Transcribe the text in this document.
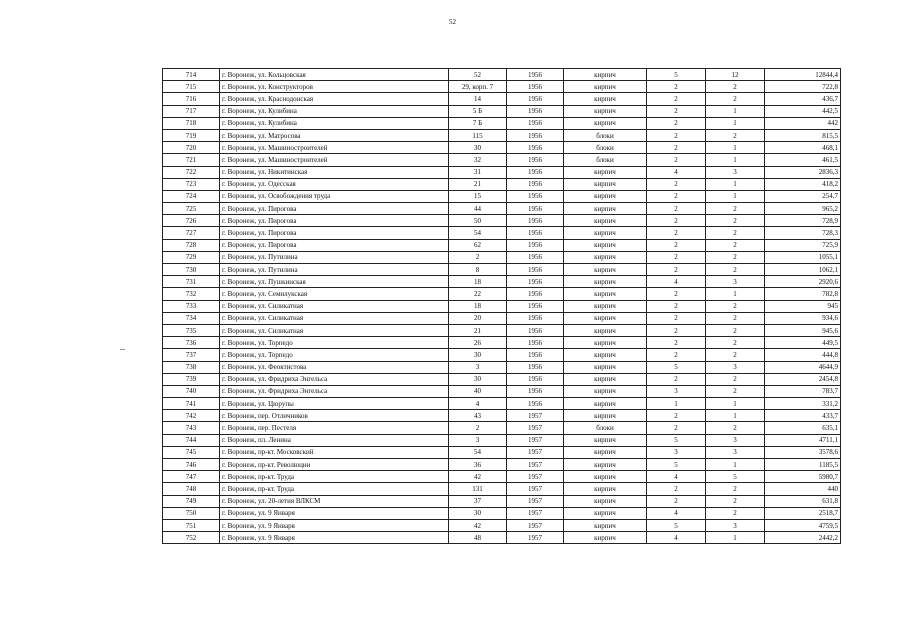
52
714	г. Воронеж, ул. Кольцовская	52	1956	кирпич	5	12	12844,4
715	г. Воронеж, ул. Конструкторов	29, корп. 7	1956	кирпич	2	2	722,8
716	г. Воронеж, ул. Краснодонская	14	1956	кирпич	2	2	436,7
717	г. Воронеж, ул. Кулибина	5 Б	1956	кирпич	2	1	442,5
718	г. Воронеж, ул. Кулибина	7 Б	1956	кирпич	2	1	442
719	г. Воронеж, ул. Матросова	115	1956	блоки	2	2	815,5
720	г. Воронеж, ул. Машиностроителей	30	1956	блоки	2	1	468,1
721	г. Воронеж, ул. Машиностроителей	32	1956	блоки	2	1	461,5
722	г. Воронеж, ул. Никитинская	31	1956	кирпич	4	3	2836,3
723	г. Воронеж, ул. Одесская	21	1956	кирпич	2	1	418,2
724	г. Воронеж, ул. Освобождения труда	15	1956	кирпич	2	1	254,7
725	г. Воронеж, ул. Пирогова	44	1956	кирпич	2	2	965,2
726	г. Воронеж, ул. Пирогова	50	1956	кирпич	2	2	728,9
727	г. Воронеж, ул. Пирогова	54	1956	кирпич	2	2	728,3
728	г. Воронеж, ул. Пирогова	62	1956	кирпич	2	2	725,9
729	г. Воронеж, ул. Путилина	2	1956	кирпич	2	2	1055,1
730	г. Воронеж, ул. Путилина	8	1956	кирпич	2	2	1062,1
731	г. Воронеж, ул. Пушкинская	18	1956	кирпич	4	3	2920,6
732	г. Воронеж, ул. Семилукская	22	1956	кирпич	2	1	782,8
733	г. Воронеж, ул. Силикатная	18	1956	кирпич	2	2	945
734	г. Воронеж, ул. Силикатная	20	1956	кирпич	2	2	934,6
735	г. Воронеж, ул. Силикатная	21	1956	кирпич	2	2	945,6
736	г. Воронеж, ул. Торпедо	26	1956	кирпич	2	2	449,5
737	г. Воронеж, ул. Торпедо	30	1956	кирпич	2	2	444,8
738	г. Воронеж, ул. Феоктистова	3	1956	кирпич	5	3	4644,9
739	г. Воронеж, ул. Фридриха Энгельса	30	1956	кирпич	2	2	2454,8
740	г. Воронеж, ул. Фридриха Энгельса	40	1956	кирпич	3	2	783,7
741	г. Воронеж, ул. Цюрупы	4	1956	кирпич	1	1	331,2
742	г. Воронеж, пер. Отличников	43	1957	кирпич	2	1	433,7
743	г. Воронеж, пер. Пестеля	2	1957	блоки	2	2	635,1
744	г. Воронеж, пл. Ленина	3	1957	кирпич	5	3	4711,1
745	г. Воронеж, пр-кт. Московский	54	1957	кирпич	3	3	3578,6
746	г. Воронеж, пр-кт. Революции	36	1957	кирпич	5	1	1185,5
747	г. Воронеж, пр-кт. Труда	42	1957	кирпич	4	5	5980,7
748	г. Воронеж, пр-кт. Труда	131	1957	кирпич	2	2	440
749	г. Воронеж, ул. 20-летия ВЛКСМ	37	1957	кирпич	2	2	631,8
750	г. Воронеж, ул. 9 Января	30	1957	кирпич	4	2	2518,7
751	г. Воронеж, ул. 9 Января	42	1957	кирпич	5	3	4759,5
752	г. Воронеж, ул. 9 Января	48	1957	кирпич	4	1	2442,2
